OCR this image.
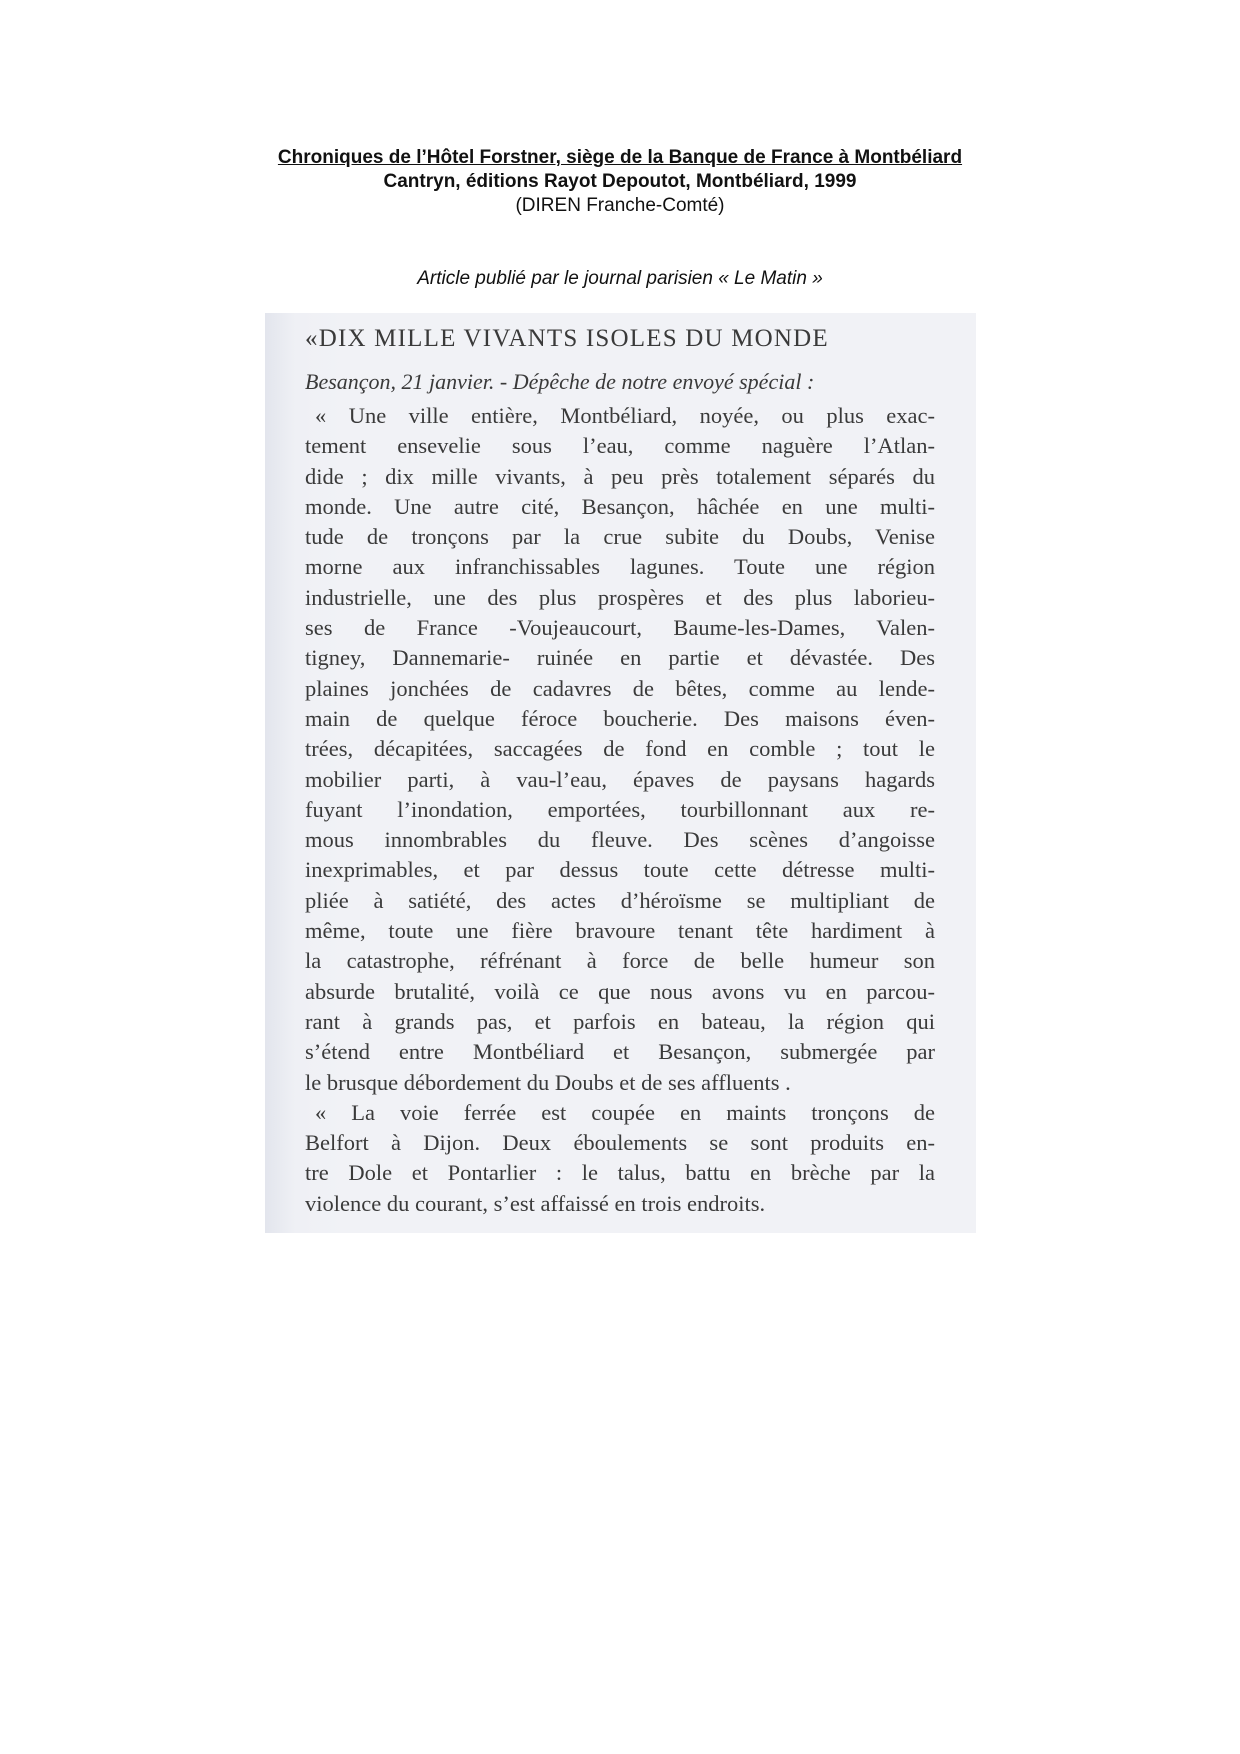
Chroniques de l’Hôtel Forstner, siège de la Banque de France à Montbéliard
Cantryn, éditions Rayot Depoutot, Montbéliard, 1999
(DIREN Franche-Comté)
Article publié par le journal parisien « Le Matin »
«DIX MILLE VIVANTS ISOLES DU MONDE
Besançon, 21 janvier. - Dépêche de notre envoyé spécial :
« Une ville entière, Montbéliard, noyée, ou plus exac-
tement ensevelie sous l’eau, comme naguère l’Atlan-
dide ; dix mille vivants, à peu près totalement séparés du
monde. Une autre cité, Besançon, hâchée en une multi-
tude de tronçons par la crue subite du Doubs, Venise
morne aux infranchissables lagunes. Toute une région
industrielle, une des plus prospères et des plus laborieu-
ses de France -Voujeaucourt, Baume-les-Dames, Valen-
tigney, Dannemarie- ruinée en partie et dévastée. Des
plaines jonchées de cadavres de bêtes, comme au lende-
main de quelque féroce boucherie. Des maisons éven-
trées, décapitées, saccagées de fond en comble ; tout le
mobilier parti, à vau-l’eau, épaves de paysans hagards
fuyant l’inondation, emportées, tourbillonnant aux re-
mous innombrables du fleuve. Des scènes d’angoisse
inexprimables, et par dessus toute cette détresse multi-
pliée à satiété, des actes d’héroïsme se multipliant de
même, toute une fière bravoure tenant tête hardiment à
la catastrophe, réfrénant à force de belle humeur son
absurde brutalité, voilà ce que nous avons vu en parcou-
rant à grands pas, et parfois en bateau, la région qui
s’étend entre Montbéliard et Besançon, submergée par
le brusque débordement du Doubs et de ses affluents .
« La voie ferrée est coupée en maints tronçons de
Belfort à Dijon. Deux éboulements se sont produits en-
tre Dole et Pontarlier : le talus, battu en brèche par la
violence du courant, s’est affaissé en trois endroits.
